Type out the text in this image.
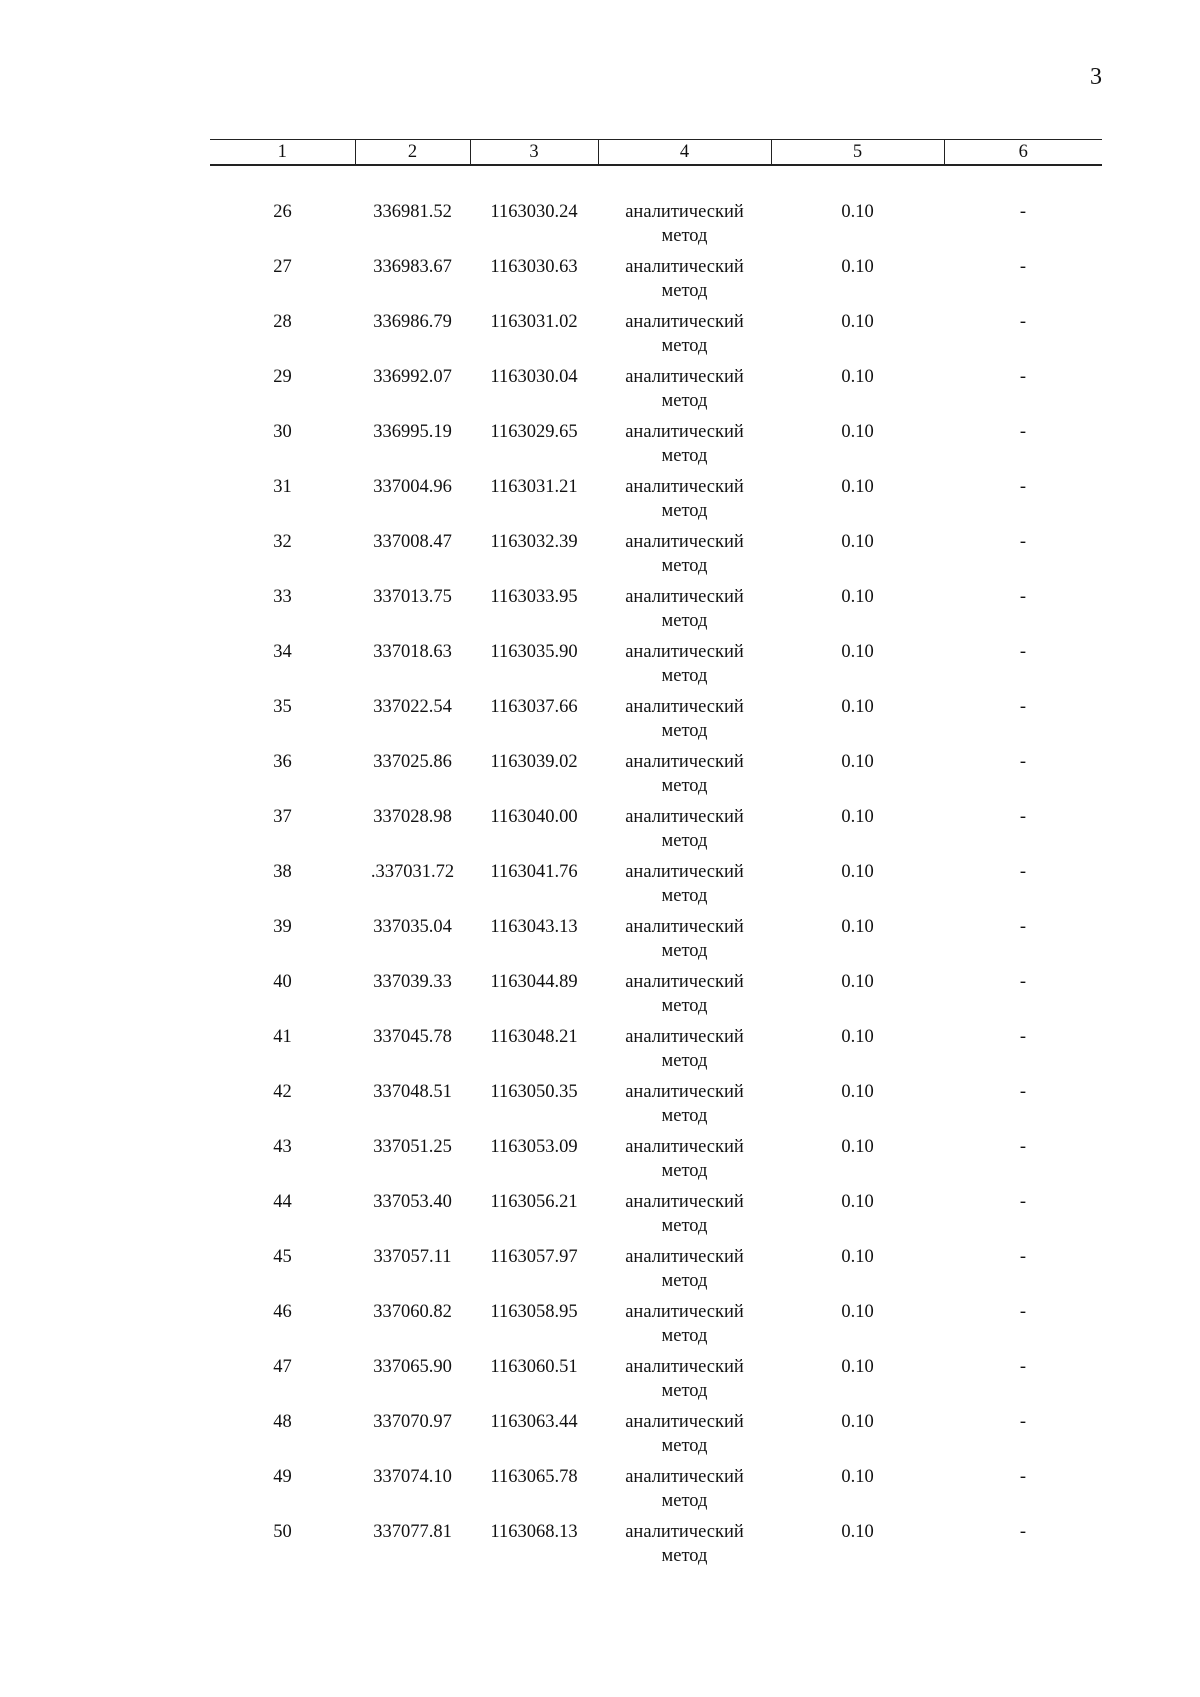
3
1	2	3	4	5	6

26	336981.52	1163030.24	аналитический
метод	0.10	-
27	336983.67	1163030.63	аналитический
метод	0.10	-
28	336986.79	1163031.02	аналитический
метод	0.10	-
29	336992.07	1163030.04	аналитический
метод	0.10	-
30	336995.19	1163029.65	аналитический
метод	0.10	-
31	337004.96	1163031.21	аналитический
метод	0.10	-
32	337008.47	1163032.39	аналитический
метод	0.10	-
33	337013.75	1163033.95	аналитический
метод	0.10	-
34	337018.63	1163035.90	аналитический
метод	0.10	-
35	337022.54	1163037.66	аналитический
метод	0.10	-
36	337025.86	1163039.02	аналитический
метод	0.10	-
37	337028.98	1163040.00	аналитический
метод	0.10	-
38	.337031.72	1163041.76	аналитический
метод	0.10	-
39	337035.04	1163043.13	аналитический
метод	0.10	-
40	337039.33	1163044.89	аналитический
метод	0.10	-
41	337045.78	1163048.21	аналитический
метод	0.10	-
42	337048.51	1163050.35	аналитический
метод	0.10	-
43	337051.25	1163053.09	аналитический
метод	0.10	-
44	337053.40	1163056.21	аналитический
метод	0.10	-
45	337057.11	1163057.97	аналитический
метод	0.10	-
46	337060.82	1163058.95	аналитический
метод	0.10	-
47	337065.90	1163060.51	аналитический
метод	0.10	-
48	337070.97	1163063.44	аналитический
метод	0.10	-
49	337074.10	1163065.78	аналитический
метод	0.10	-
50	337077.81	1163068.13	аналитический
метод	0.10	-
